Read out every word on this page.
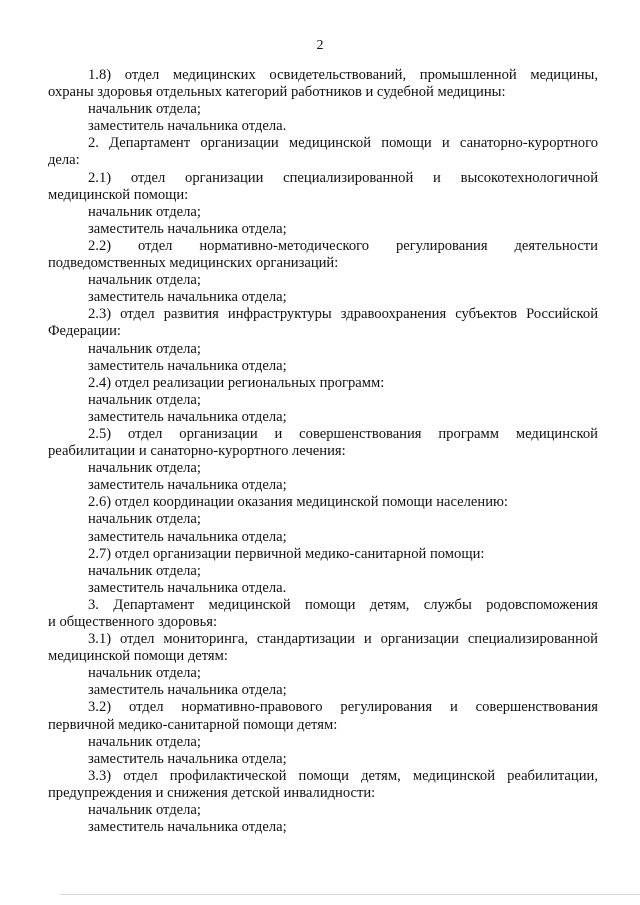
2
1.8) отдел медицинских освидетельствований, промышленной медицины,
охраны здоровья отдельных категорий работников и судебной медицины:
начальник отдела;
заместитель начальника отдела.
2. Департамент организации медицинской помощи и санаторно-курортного
дела:
2.1) отдел организации специализированной и высокотехнологичной
медицинской помощи:
начальник отдела;
заместитель начальника отдела;
2.2) отдел нормативно-методического регулирования деятельности
подведомственных медицинских организаций:
начальник отдела;
заместитель начальника отдела;
2.3) отдел развития инфраструктуры здравоохранения субъектов Российской
Федерации:
начальник отдела;
заместитель начальника отдела;
2.4) отдел реализации региональных программ:
начальник отдела;
заместитель начальника отдела;
2.5) отдел организации и совершенствования программ медицинской
реабилитации и санаторно-курортного лечения:
начальник отдела;
заместитель начальника отдела;
2.6) отдел координации оказания медицинской помощи населению:
начальник отдела;
заместитель начальника отдела;
2.7) отдел организации первичной медико-санитарной помощи:
начальник отдела;
заместитель начальника отдела.
3. Департамент медицинской помощи детям, службы родовспоможения
и общественного здоровья:
3.1) отдел мониторинга, стандартизации и организации специализированной
медицинской помощи детям:
начальник отдела;
заместитель начальника отдела;
3.2) отдел нормативно-правового регулирования и совершенствования
первичной медико-санитарной помощи детям:
начальник отдела;
заместитель начальника отдела;
3.3) отдел профилактической помощи детям, медицинской реабилитации,
предупреждения и снижения детской инвалидности:
начальник отдела;
заместитель начальника отдела;
